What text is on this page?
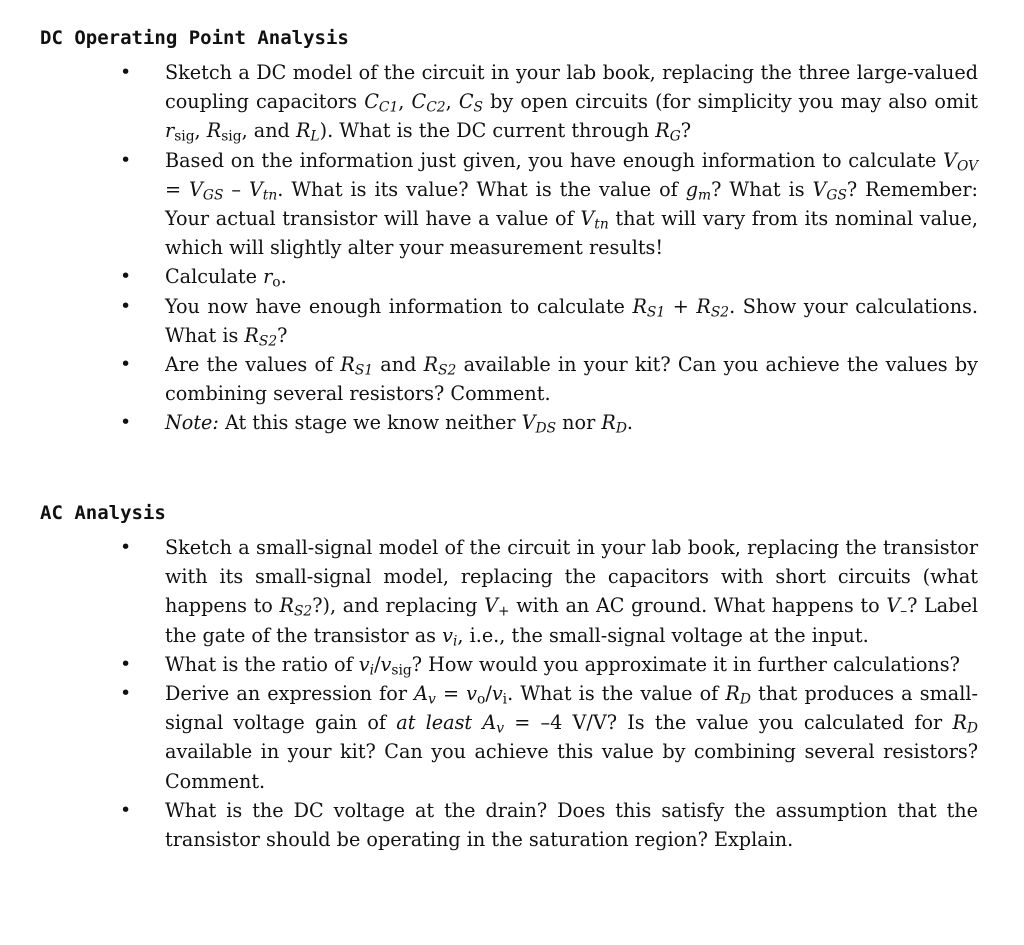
DC Operating Point Analysis
• Sketch a DC model of the circuit in your lab book, replacing the three large-valued coupling capacitors $C_{C1}$, $C_{C2}$, $C_S$ by open circuits (for simplicity you may also omit $r_{sig}$, $R_{sig}$, and $R_L$). What is the DC current through $R_G$?
• Based on the information just given, you have enough information to calculate $V_{OV} = V_{GS} - V_{tn}$. What is its value? What is the value of $g_m$? What is $V_{GS}$? Remember: Your actual transistor will have a value of $V_{tn}$ that will vary from its nominal value, which will slightly alter your measurement results!
• Calculate $r_o$.
• You now have enough information to calculate $R_{S1} + R_{S2}$. Show your calculations. What is $R_{S2}$?
• Are the values of $R_{S1}$ and $R_{S2}$ available in your kit? Can you achieve the values by combining several resistors? Comment.
• Note: At this stage we know neither $V_{DS}$ nor $R_D$.
AC Analysis
• Sketch a small-signal model of the circuit in your lab book, replacing the transistor with its small-signal model, replacing the capacitors with short circuits (what happens to $R_{S2}$?), and replacing $V_+$ with an AC ground. What happens to $V_-$? Label the gate of the transistor as $v_i$, i.e., the small-signal voltage at the input.
• What is the ratio of $v_i/v_{sig}$? How would you approximate it in further calculations?
• Derive an expression for $A_v = v_o/v_i$. What is the value of $R_D$ that produces a small-signal voltage gain of at least $A_v = -4$ V/V? Is the value you calculated for $R_D$ available in your kit? Can you achieve this value by combining several resistors? Comment.
• What is the DC voltage at the drain? Does this satisfy the assumption that the transistor should be operating in the saturation region? Explain.
